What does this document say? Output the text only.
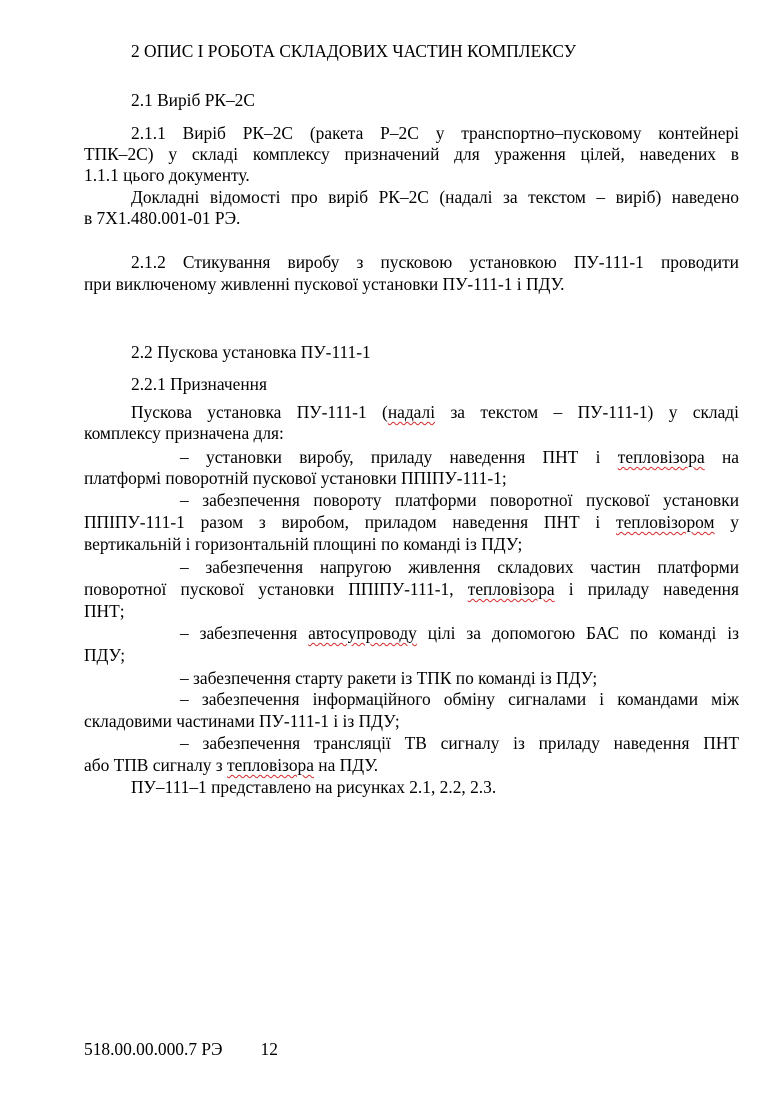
2 ОПИС І РОБОТА СКЛАДОВИХ ЧАСТИН КОМПЛЕКСУ
2.1 Виріб РК–2С
2.1.1 Виріб РК–2С (ракета Р–2С у транспортно–пусковому контейнері
ТПК–2С) у складі комплексу призначений для ураження цілей, наведених в
1.1.1 цього документу.
Докладні відомості про виріб РК–2С (надалі за текстом – виріб) наведено
в 7Х1.480.001-01 РЭ.
2.1.2 Стикування виробу з пусковою установкою ПУ-111-1 проводити
при виключеному живленні пускової установки ПУ-111-1 і ПДУ.
2.2 Пускова установка ПУ-111-1
2.2.1 Призначення
Пускова установка ПУ-111-1 (надалі за текстом – ПУ-111-1) у складі
комплексу призначена для:
– установки виробу, приладу наведення ПНТ і тепловізора на
платформі поворотній пускової установки ППІПУ-111-1;
– забезпечення повороту платформи поворотної пускової установки
ППІПУ-111-1 разом з виробом, приладом наведення ПНТ і тепловізором у
вертикальній і горизонтальній площині по команді із ПДУ;
– забезпечення напругою живлення складових частин платформи
поворотної пускової установки ППІПУ-111-1, тепловізора і приладу наведення
ПНТ;
– забезпечення автосупроводу цілі за допомогою БАС по команді із
ПДУ;
– забезпечення старту ракети із ТПК по команді із ПДУ;
– забезпечення інформаційного обміну сигналами і командами між
складовими частинами ПУ-111-1 і із ПДУ;
– забезпечення трансляції ТВ сигналу із приладу наведення ПНТ
або ТПВ сигналу з тепловізора на ПДУ.
ПУ–111–1 представлено на рисунках 2.1, 2.2, 2.3.
518.00.00.000.7 РЭ 12
